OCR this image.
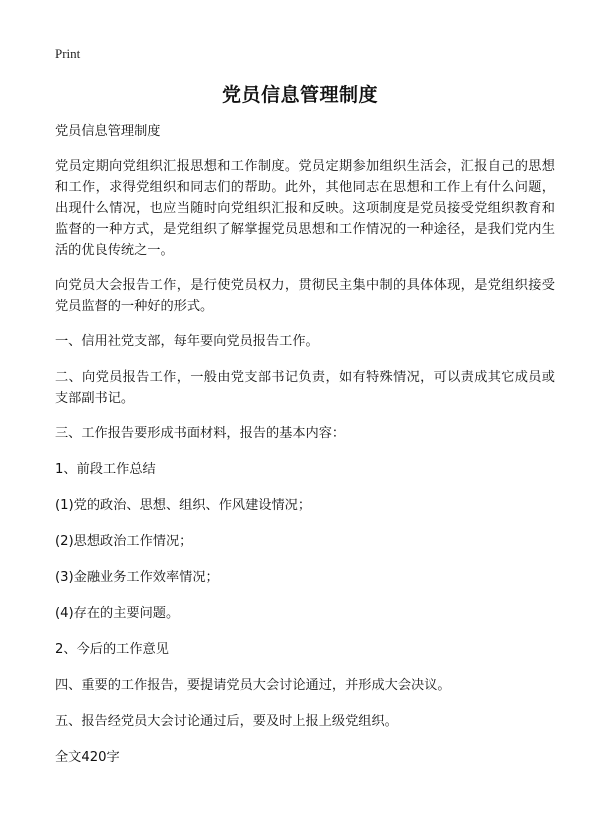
Print
党员信息管理制度

党员信息管理制度

党员定期向党组织汇报思想和工作制度。党员定期参加组织生活会，汇报自己的思想和工作，求得党组织和同志们的帮助。此外，其他同志在思想和工作上有什么问题，出现什么情况，也应当随时向党组织汇报和反映。这项制度是党员接受党组织教育和监督的一种方式，是党组织了解掌握党员思想和工作情况的一种途径，是我们党内生活的优良传统之一。

向党员大会报告工作，是行使党员权力，贯彻民主集中制的具体体现，是党组织接受党员监督的一种好的形式。

一、信用社党支部，每年要向党员报告工作。

二、向党员报告工作，一般由党支部书记负责，如有特殊情况，可以责成其它成员或支部副书记。

三、工作报告要形成书面材料，报告的基本内容：

1、前段工作总结

(1)党的政治、思想、组织、作风建设情况；

(2)思想政治工作情况；

(3)金融业务工作效率情况；

(4)存在的主要问题。

2、今后的工作意见

四、重要的工作报告，要提请党员大会讨论通过，并形成大会决议。

五、报告经党员大会讨论通过后，要及时上报上级党组织。

全文420字
